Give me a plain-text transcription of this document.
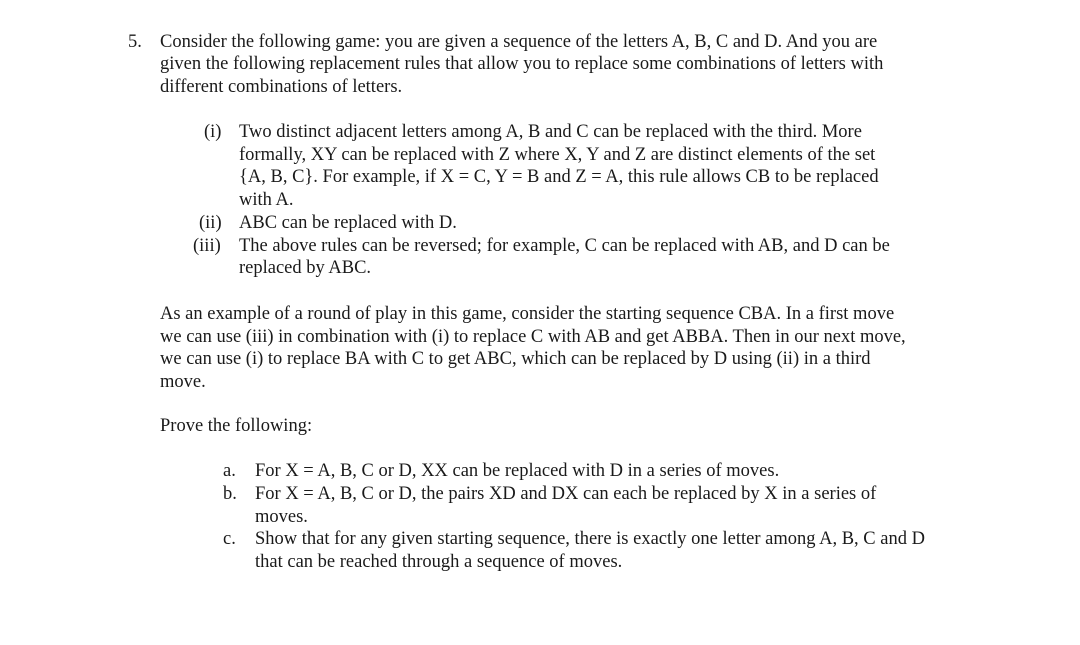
5. Consider the following game: you are given a sequence of the letters A, B, C and D. And you are
given the following replacement rules that allow you to replace some combinations of letters with
different combinations of letters.
(i) Two distinct adjacent letters among A, B and C can be replaced with the third. More
formally, XY can be replaced with Z where X, Y and Z are distinct elements of the set
{A, B, C}. For example, if X = C, Y = B and Z = A, this rule allows CB to be replaced
with A.
(ii) ABC can be replaced with D.
(iii) The above rules can be reversed; for example, C can be replaced with AB, and D can be
replaced by ABC.
As an example of a round of play in this game, consider the starting sequence CBA. In a first move
we can use (iii) in combination with (i) to replace C with AB and get ABBA. Then in our next move,
we can use (i) to replace BA with C to get ABC, which can be replaced by D using (ii) in a third
move.
Prove the following:
a. For X = A, B, C or D, XX can be replaced with D in a series of moves.
b. For X = A, B, C or D, the pairs XD and DX can each be replaced by X in a series of
moves.
c. Show that for any given starting sequence, there is exactly one letter among A, B, C and D
that can be reached through a sequence of moves.
